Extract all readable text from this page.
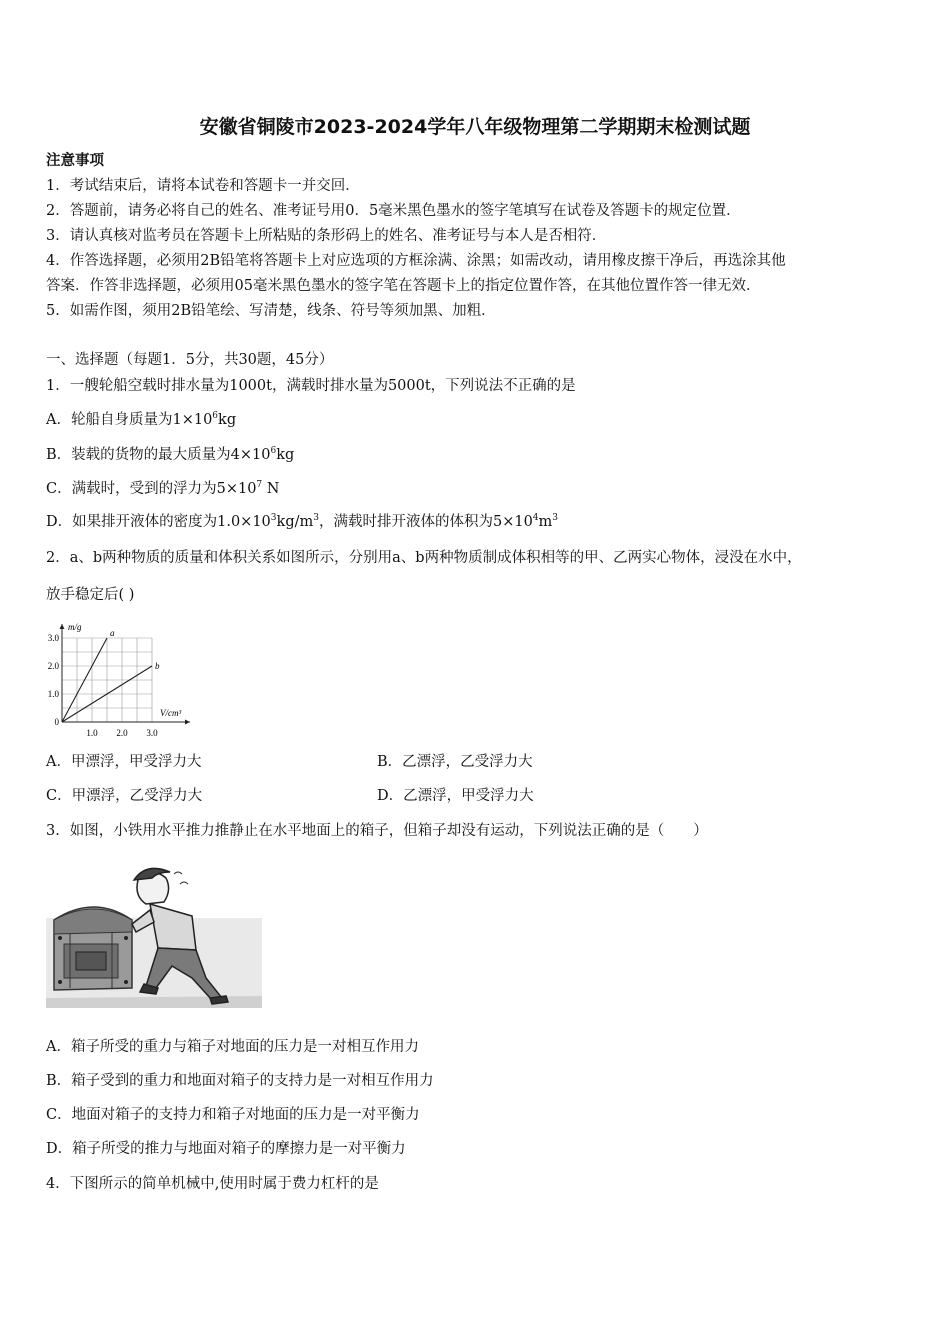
安徽省铜陵市2023-2024学年八年级物理第二学期期末检测试题
注意事项
1．考试结束后，请将本试卷和答题卡一并交回．
2．答题前，请务必将自己的姓名、准考证号用0．5毫米黑色墨水的签字笔填写在试卷及答题卡的规定位置．
3．请认真核对监考员在答题卡上所粘贴的条形码上的姓名、准考证号与本人是否相符．
4．作答选择题，必须用2B铅笔将答题卡上对应选项的方框涂满、涂黑；如需改动，请用橡皮擦干净后，再选涂其他
答案．作答非选择题，必须用05毫米黑色墨水的签字笔在答题卡上的指定位置作答，在其他位置作答一律无效．
5．如需作图，须用2B铅笔绘、写清楚，线条、符号等须加黑、加粗．
一、选择题（每题1．5分，共30题，45分）
1．一艘轮船空载时排水量为1000t，满载时排水量为5000t，下列说法不正确的是
A．轮船自身质量为$1\times 10^6kg$
B．装载的货物的最大质量为$4\times 10^6kg$
C．满载时，受到的浮力为$5\times 10^7$ N
D．如果排开液体的密度为$1.0\times 10^3kg/m^3$，满载时排开液体的体积为$5\times 10^4m^3$
2．a、b两种物质的质量和体积关系如图所示，分别用a、b两种物质制成体积相等的甲、乙两实心物体，浸没在水中，
放手稳定后( )
1.0 2.0 3.0
0
1.0
2.0
3.0
m/g
V/cm³
a
b
A．甲漂浮，甲受浮力大	B．乙漂浮，乙受浮力大
C．甲漂浮，乙受浮力大	D．乙漂浮，甲受浮力大
3．如图，小铁用水平推力推静止在水平地面上的箱子，但箱子却没有运动，下列说法正确的是（　　）
A．箱子所受的重力与箱子对地面的压力是一对相互作用力
B．箱子受到的重力和地面对箱子的支持力是一对相互作用力
C．地面对箱子的支持力和箱子对地面的压力是一对平衡力
D．箱子所受的推力与地面对箱子的摩擦力是一对平衡力
4．下图所示的简单机械中,使用时属于费力杠杆的是
